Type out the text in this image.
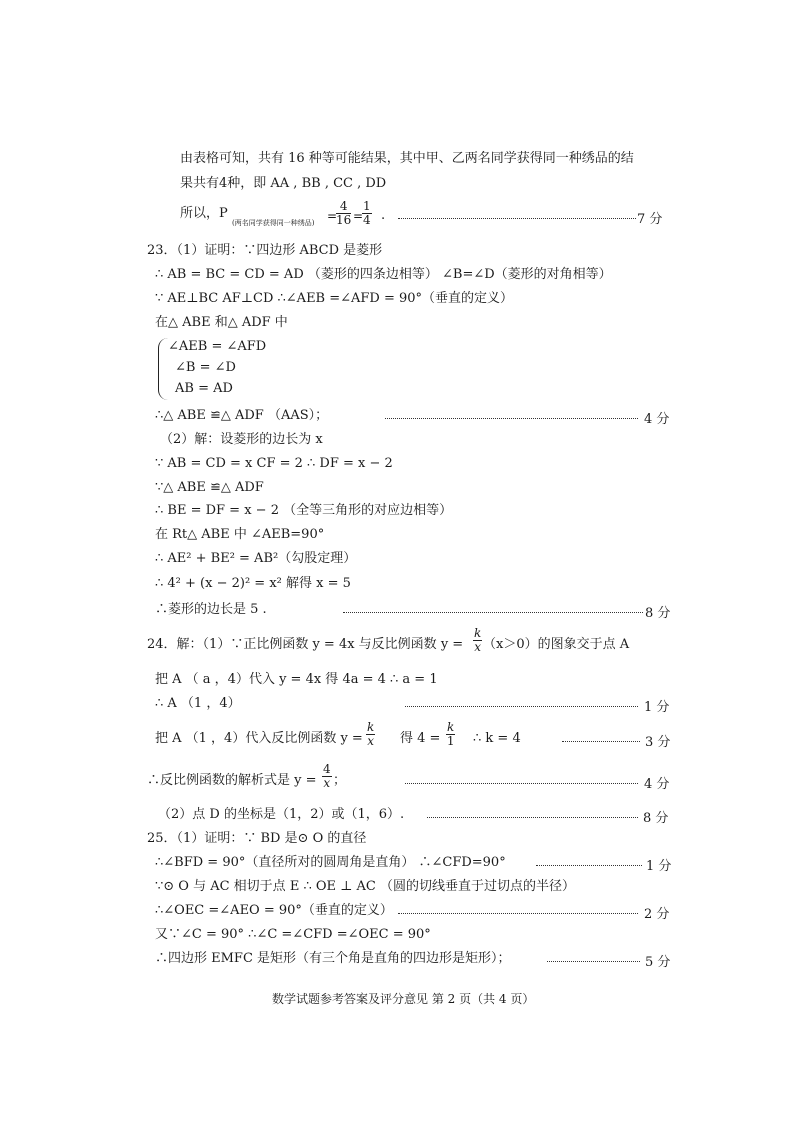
由表格可知，共有 16 种等可能结果，其中甲、乙两名同学获得同一种绣品的结
果共有4种，即 AA , BB , CC , DD
所以，P
(两名同学获得同一种绣品) =
$\frac{4}{16}$ =
$\frac{1}{4}$ .	7 分
23．（1）证明：∵四边形 ABCD 是菱形
∴ AB = BC = CD = AD （菱形的四条边相等） ∠B=∠D（菱形的对角相等）
∵ AE⊥BC AF⊥CD ∴∠AEB =∠AFD = 90°（垂直的定义）
在△ ABE 和△ ADF 中
∠AEB = ∠AFD
∠B = ∠D
AB = AD
∴△ ABE ≌△ ADF （AAS）；	4 分
（2）解：设菱形的边长为 x
∵ AB = CD = x CF = 2 ∴ DF = x − 2
∵△ ABE ≌△ ADF
∴ BE = DF = x − 2 （全等三角形的对应边相等）
在 Rt△ ABE 中 ∠AEB=90°
∴ AE² + BE² = AB²（勾股定理）
∴ 4² + (x − 2)² = x² 解得 x = 5
∴菱形的边长是 5 .	8 分
24．解：（1）∵正比例函数 y = 4x 与反比例函数 $y = \frac{k}{x} (x>0)$的图象交于点 A
把 A （ a ，4）代入 y = 4x 得 4a = 4 ∴ a = 1
∴ A （1 ，4）	1 分
把 A （1 ，4）代入反比例函数 $y = \frac{k}{x}$ 得 $4 = \frac{k}{1}$ ∴ k = 4	3 分
∴反比例函数的解析式是 $y = \frac{4}{x}$ ；	4 分
（2）点 D 的坐标是（1，2）或（1，6）.	8 分
25．（1）证明：∵ BD 是⊙ O 的直径
∴∠BFD = 90°（直径所对的圆周角是直角） ∴∠CFD=90°	1 分
∵⊙ O 与 AC 相切于点 E ∴ OE ⊥ AC （圆的切线垂直于过切点的半径）
∴∠OEC =∠AEO = 90°（垂直的定义）	2 分
又∵∠C = 90° ∴∠C =∠CFD =∠OEC = 90°
∴四边形 EMFC 是矩形（有三个角是直角的四边形是矩形）；	5 分
数学试题参考答案及评分意见 第 2 页（共 4 页）
